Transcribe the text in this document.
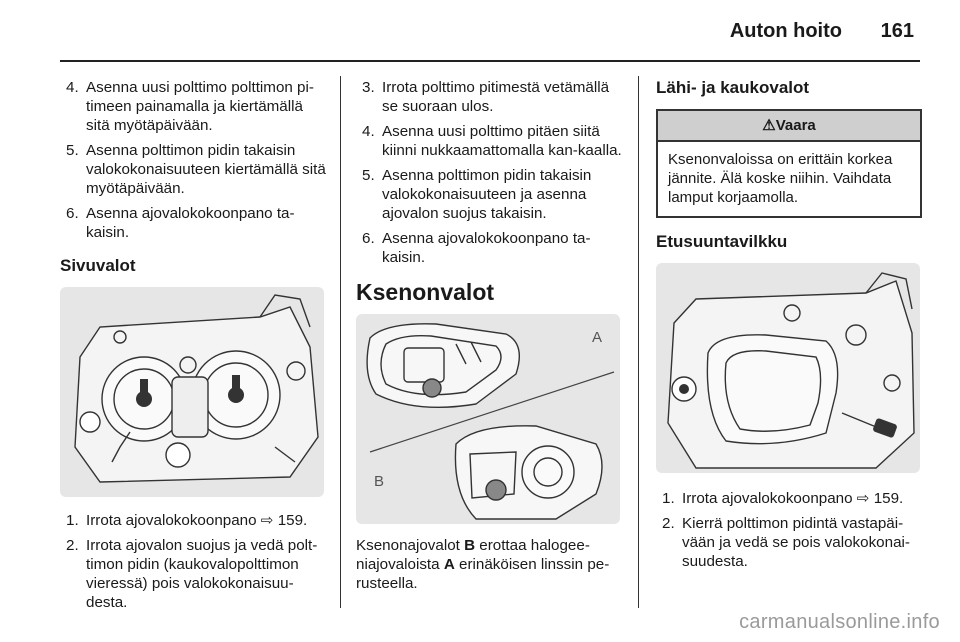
Auton hoito 161
4. Asenna uusi polttimo polttimon pi-timeen painamalla ja kiertämällä sitä myötäpäivään.
5. Asenna polttimon pidin takaisin valokokonaisuuteen kiertämällä sitä myötäpäivään.
6. Asenna ajovalokokoonpano ta-kaisin.
Sivuvalot
1. Irrota ajovalokokoonpano ⇨ 159.
2. Irrota ajovalon suojus ja vedä polt-timon pidin (kaukovalopolttimon vieressä) pois valokokonaisuu-desta.
3. Irrota polttimo pitimestä vetämällä se suoraan ulos.
4. Asenna uusi polttimo pitäen siitä kiinni nukkaamattomalla kan-kaalla.
5. Asenna polttimon pidin takaisin valokokonaisuuteen ja asenna ajovalon suojus takaisin.
6. Asenna ajovalokokoonpano ta-kaisin.
Ksenonvalot
A
B

Ksenonajovalot B erottaa halogee-niajovaloista A erinäköisen linssin pe-rusteella.

Lähi- ja kaukovalot
⚠Vaara
Ksenonvaloissa on erittäin korkea jännite. Älä koske niihin. Vaihdata lamput korjaamolla.
Etusuuntavilkku
1. Irrota ajovalokokoonpano ⇨ 159.
2. Kierrä polttimon pidintä vastapäi-vään ja vedä se pois valokokonai-suudesta.
carmanualsonline.info
